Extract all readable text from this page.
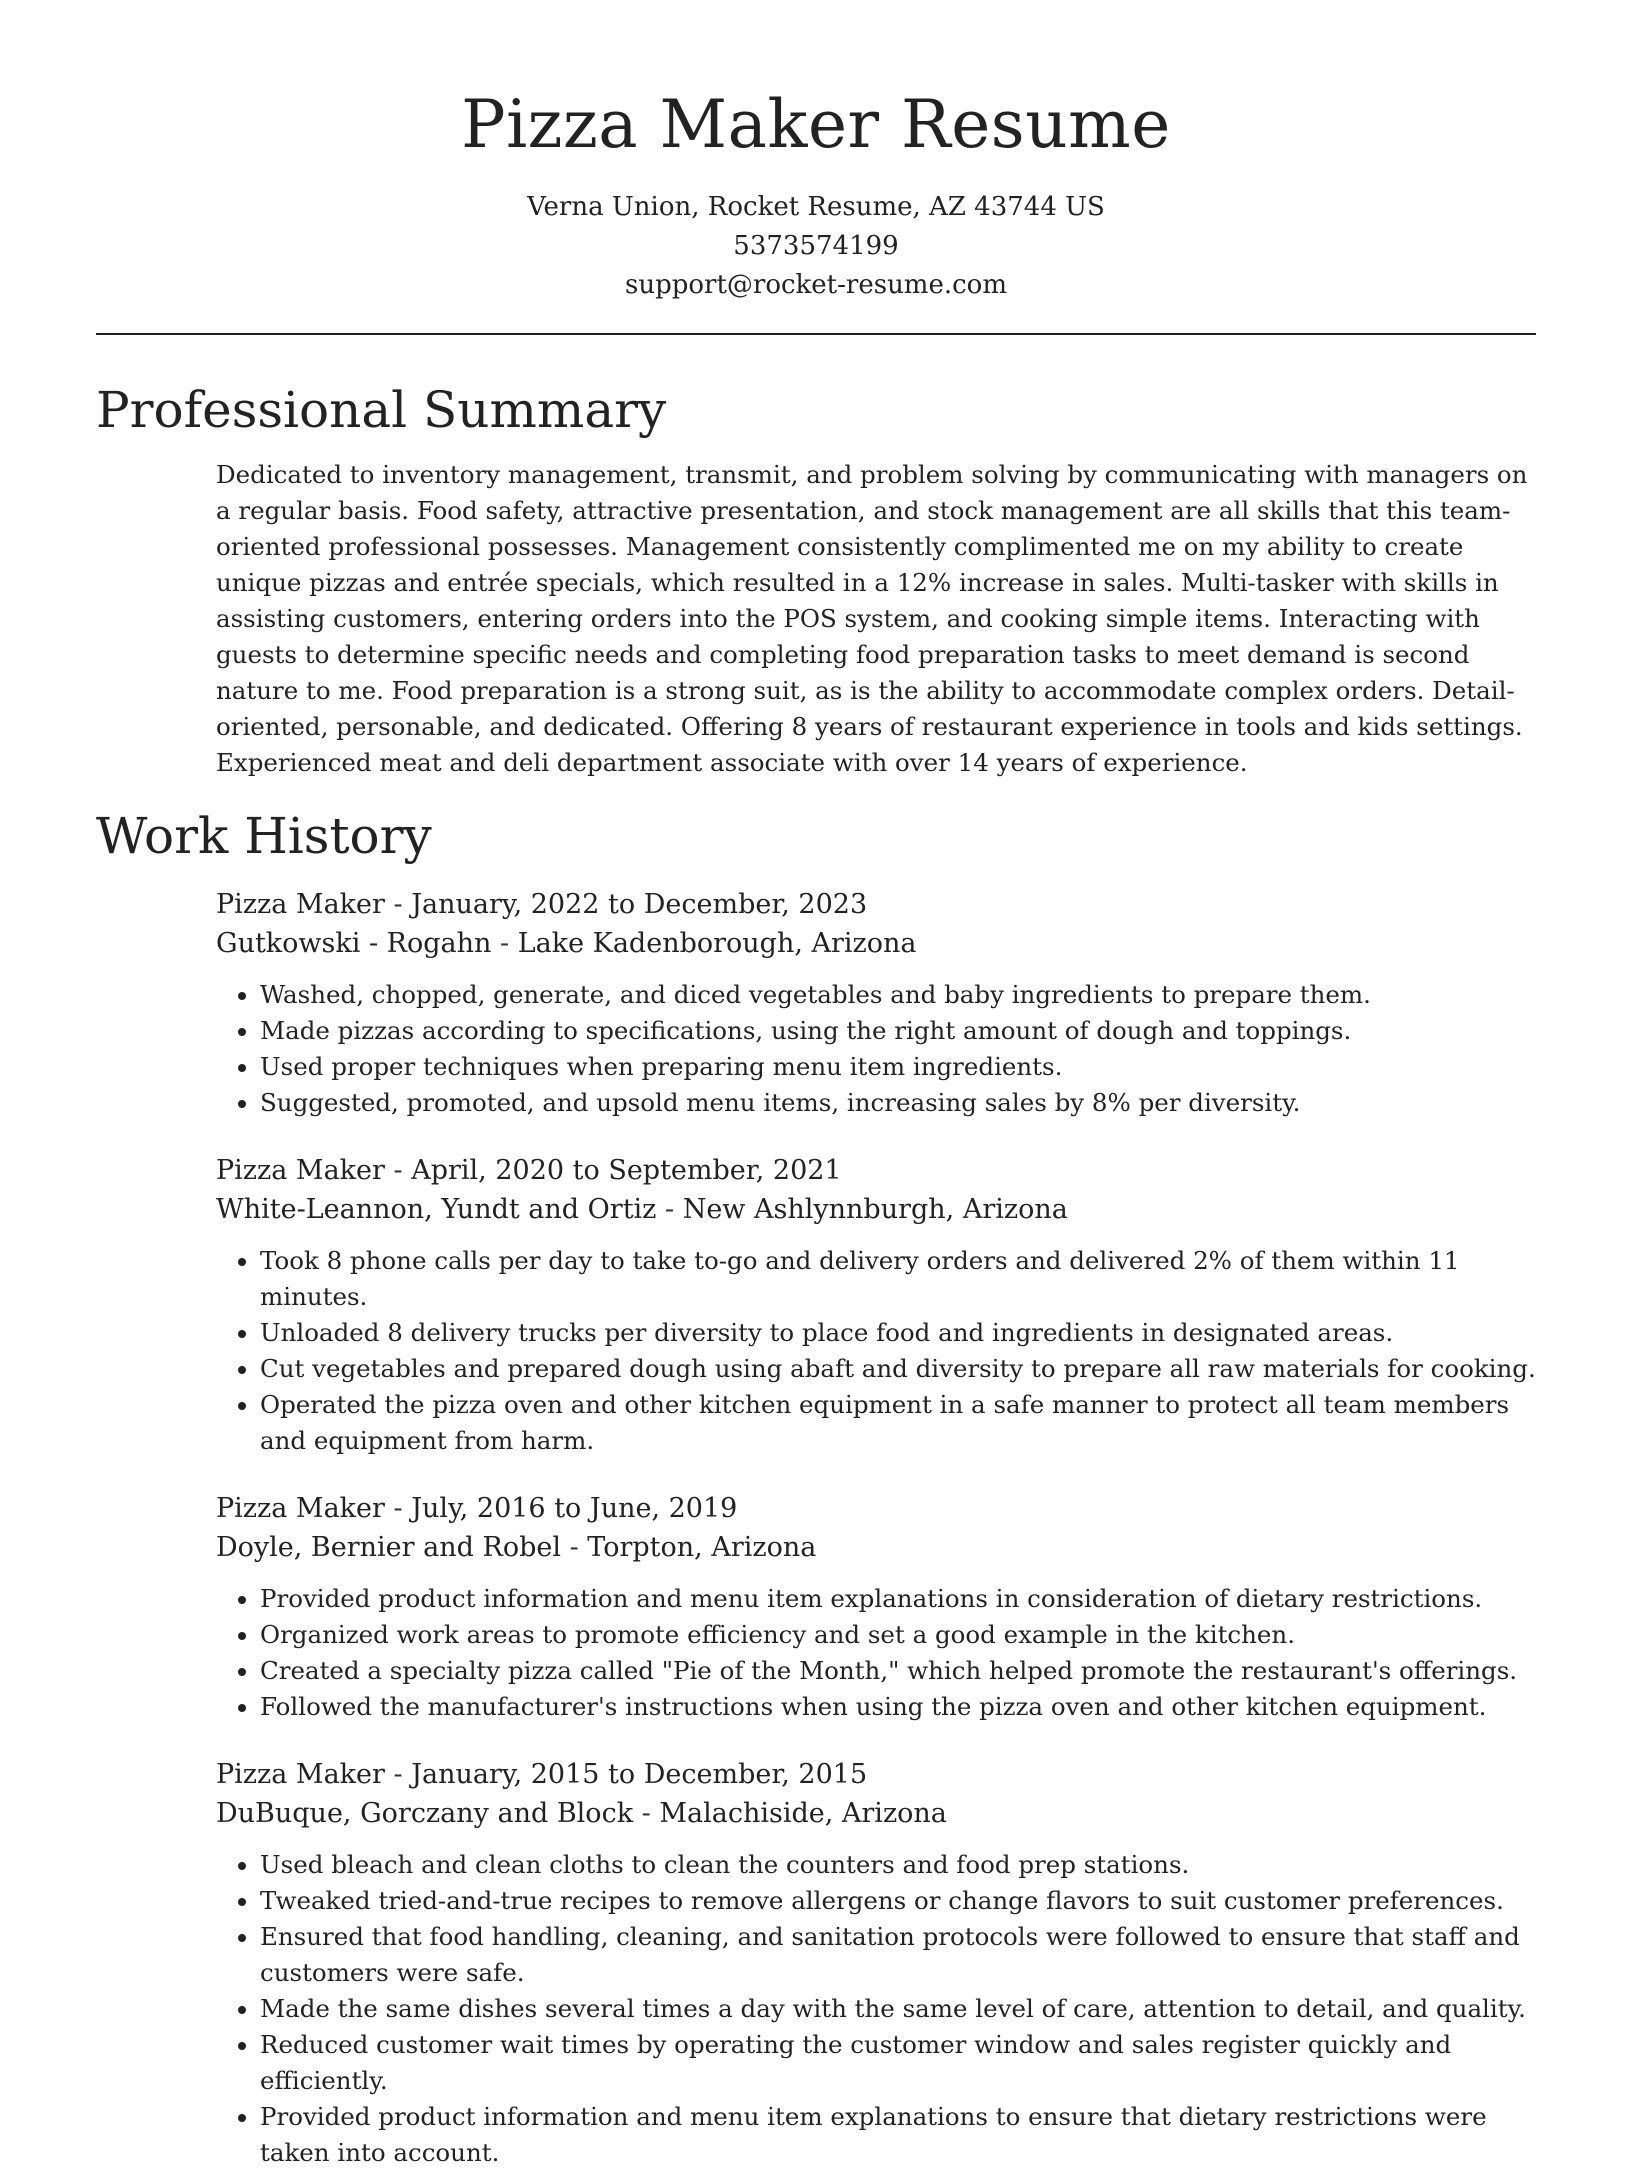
Pizza Maker Resume
Verna Union, Rocket Resume, AZ 43744 US
5373574199
support@rocket-resume.com
Professional Summary
Dedicated to inventory management, transmit, and problem solving by communicating with managers on a regular basis. Food safety, attractive presentation, and stock management are all skills that this team-oriented professional possesses. Management consistently complimented me on my ability to create unique pizzas and entrée specials, which resulted in a 12% increase in sales. Multi-tasker with skills in assisting customers, entering orders into the POS system, and cooking simple items. Interacting with guests to determine specific needs and completing food preparation tasks to meet demand is second nature to me. Food preparation is a strong suit, as is the ability to accommodate complex orders. Detail-oriented, personable, and dedicated. Offering 8 years of restaurant experience in tools and kids settings. Experienced meat and deli department associate with over 14 years of experience.
Work History
Pizza Maker - January, 2022 to December, 2023
Gutkowski - Rogahn - Lake Kadenborough, Arizona
• Washed, chopped, generate, and diced vegetables and baby ingredients to prepare them.
• Made pizzas according to specifications, using the right amount of dough and toppings.
• Used proper techniques when preparing menu item ingredients.
• Suggested, promoted, and upsold menu items, increasing sales by 8% per diversity.
Pizza Maker - April, 2020 to September, 2021
White-Leannon, Yundt and Ortiz - New Ashlynnburgh, Arizona
• Took 8 phone calls per day to take to-go and delivery orders and delivered 2% of them within 11 minutes.
• Unloaded 8 delivery trucks per diversity to place food and ingredients in designated areas.
• Cut vegetables and prepared dough using abaft and diversity to prepare all raw materials for cooking.
• Operated the pizza oven and other kitchen equipment in a safe manner to protect all team members and equipment from harm.
Pizza Maker - July, 2016 to June, 2019
Doyle, Bernier and Robel - Torpton, Arizona
• Provided product information and menu item explanations in consideration of dietary restrictions.
• Organized work areas to promote efficiency and set a good example in the kitchen.
• Created a specialty pizza called "Pie of the Month," which helped promote the restaurant's offerings.
• Followed the manufacturer's instructions when using the pizza oven and other kitchen equipment.
Pizza Maker - January, 2015 to December, 2015
DuBuque, Gorczany and Block - Malachiside, Arizona
• Used bleach and clean cloths to clean the counters and food prep stations.
• Tweaked tried-and-true recipes to remove allergens or change flavors to suit customer preferences.
• Ensured that food handling, cleaning, and sanitation protocols were followed to ensure that staff and customers were safe.
• Made the same dishes several times a day with the same level of care, attention to detail, and quality.
• Reduced customer wait times by operating the customer window and sales register quickly and efficiently.
• Provided product information and menu item explanations to ensure that dietary restrictions were taken into account.
